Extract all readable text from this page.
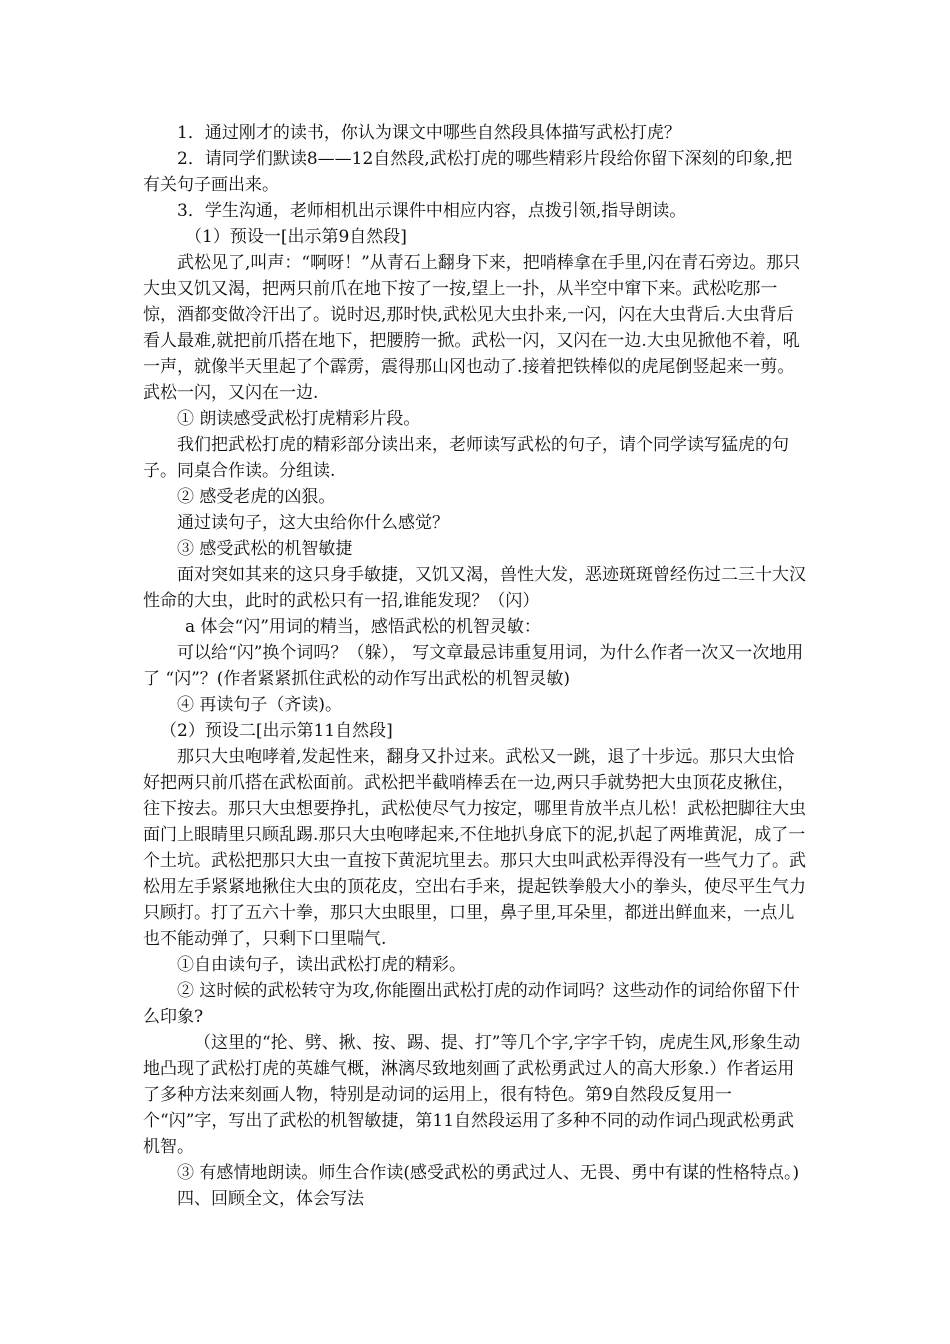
1．通过刚才的读书，你认为课文中哪些自然段具体描写武松打虎？

2．请同学们默读8——12自然段,武松打虎的哪些精彩片段给你留下深刻的印象,把有关句子画出来。

3．学生沟通，老师相机出示课件中相应内容，点拨引领,指导朗读。

（1）预设一[出示第9自然段]

武松见了,叫声：“啊呀！”从青石上翻身下来，把哨棒拿在手里,闪在青石旁边。那只大虫又饥又渴，把两只前爪在地下按了一按,望上一扑，从半空中窜下来。武松吃那一惊，酒都变做冷汗出了。说时迟,那时快,武松见大虫扑来,一闪，闪在大虫背后.大虫背后看人最难,就把前爪搭在地下，把腰胯一掀。武松一闪，又闪在一边.大虫见掀他不着，吼一声，就像半天里起了个霹雳，震得那山冈也动了.接着把铁棒似的虎尾倒竖起来一剪。武松一闪，又闪在一边.

① 朗读感受武松打虎精彩片段。

我们把武松打虎的精彩部分读出来，老师读写武松的句子，请个同学读写猛虎的句子。同桌合作读。分组读.

② 感受老虎的凶狠。

通过读句子，这大虫给你什么感觉？

③ 感受武松的机智敏捷

面对突如其来的这只身手敏捷，又饥又渴，兽性大发，恶迹斑斑曾经伤过二三十大汉性命的大虫，此时的武松只有一招,谁能发现？（闪）

a 体会“闪”用词的精当，感悟武松的机智灵敏：

可以给“闪”换个词吗？（躲）， 写文章最忌讳重复用词，为什么作者一次又一次地用了 “闪”？(作者紧紧抓住武松的动作写出武松的机智灵敏)

④ 再读句子（齐读)。

（2）预设二[出示第11自然段]

那只大虫咆哮着,发起性来，翻身又扑过来。武松又一跳，退了十步远。那只大虫恰好把两只前爪搭在武松面前。武松把半截哨棒丢在一边,两只手就势把大虫顶花皮揪住，往下按去。那只大虫想要挣扎，武松使尽气力按定，哪里肯放半点儿松！武松把脚往大虫面门上眼睛里只顾乱踢.那只大虫咆哮起来,不住地扒身底下的泥,扒起了两堆黄泥，成了一个土坑。武松把那只大虫一直按下黄泥坑里去。那只大虫叫武松弄得没有一些气力了。武松用左手紧紧地揪住大虫的顶花皮，空出右手来，提起铁拳般大小的拳头，使尽平生气力只顾打。打了五六十拳，那只大虫眼里，口里，鼻子里,耳朵里，都迸出鲜血来，一点儿也不能动弹了，只剩下口里喘气.

①自由读句子，读出武松打虎的精彩。

② 这时候的武松转守为攻,你能圈出武松打虎的动作词吗？这些动作的词给你留下什么印象?

（这里的“抡、劈、揪、按、踢、提、打”等几个字,字字千钧，虎虎生风,形象生动地凸现了武松打虎的英雄气概，淋漓尽致地刻画了武松勇武过人的高大形象.）作者运用了多种方法来刻画人物，特别是动词的运用上，很有特色。第9自然段反复用一个“闪”字，写出了武松的机智敏捷，第11自然段运用了多种不同的动作词凸现武松勇武机智。

③ 有感情地朗读。师生合作读(感受武松的勇武过人、无畏、勇中有谋的性格特点。)

四、回顾全文，体会写法
